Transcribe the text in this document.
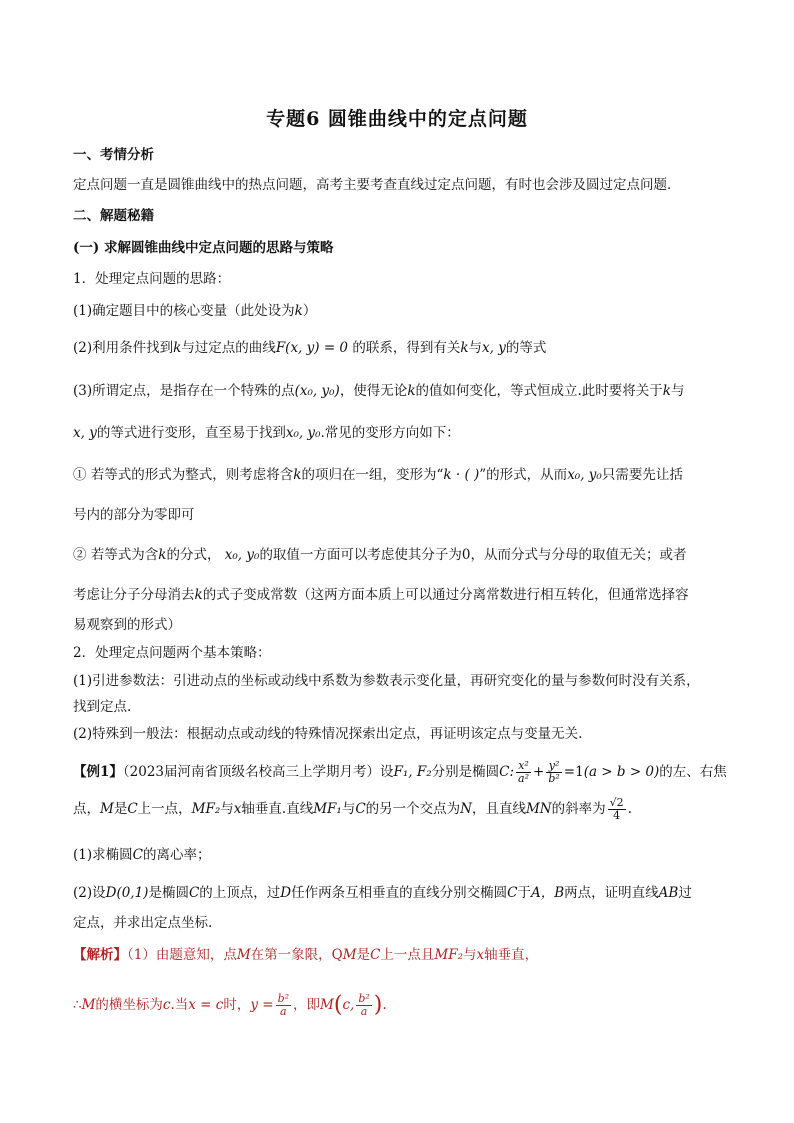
专题6 圆锥曲线中的定点问题
一、考情分析
定点问题一直是圆锥曲线中的热点问题，高考主要考查直线过定点问题，有时也会涉及圆过定点问题．
二、解题秘籍
(一) 求解圆锥曲线中定点问题的思路与策略
1．处理定点问题的思路：
(1)确定题目中的核心变量（此处设为k）
(2)利用条件找到k与过定点的曲线F(x, y) = 0 的联系，得到有关k与x, y的等式
(3)所谓定点，是指存在一个特殊的点(x₀, y₀)，使得无论k的值如何变化，等式恒成立.此时要将关于k与
x, y的等式进行变形，直至易于找到x₀, y₀.常见的变形方向如下：
① 若等式的形式为整式，则考虑将含k的项归在一组，变形为“k · ( )”的形式，从而x₀, y₀只需要先让括
号内的部分为零即可
② 若等式为含k的分式， x₀, y₀的取值一方面可以考虑使其分子为0，从而分式与分母的取值无关；或者
考虑让分子分母消去k的式子变成常数（这两方面本质上可以通过分离常数进行相互转化，但通常选择容
易观察到的形式）
2．处理定点问题两个基本策略：
(1)引进参数法：引进动点的坐标或动线中系数为参数表示变化量，再研究变化的量与参数何时没有关系，
找到定点.
(2)特殊到一般法：根据动点或动线的特殊情况探索出定点，再证明该定点与变量无关.
【例1】（2023届河南省顶级名校高三上学期月考）设F₁, F₂分别是椭圆C: $\frac{\text{x²}}{\text{a²}} + \frac{\text{y²}}{\text{b²}} =1(a > b > 0)$的左、右焦
点，M是C上一点，MF₂与x轴垂直.直线MF₁与C的另一个交点为N，且直线MN的斜率为 $\frac{√2}{4}$ .
(1)求椭圆C的离心率；
(2)设D(0,1)是椭圆C的上顶点，过D任作两条互相垂直的直线分别交椭圆C于A，B两点，证明直线AB过
定点，并求出定点坐标.
【解析】（1）由题意知，点M在第一象限，QM是C上一点且MF₂与x轴垂直，
∴M的横坐标为c.当x = c时，$y = \frac{\text{b²}}{a}$ ，即M(c, $\frac{\text{b²}}{a}$ ).
